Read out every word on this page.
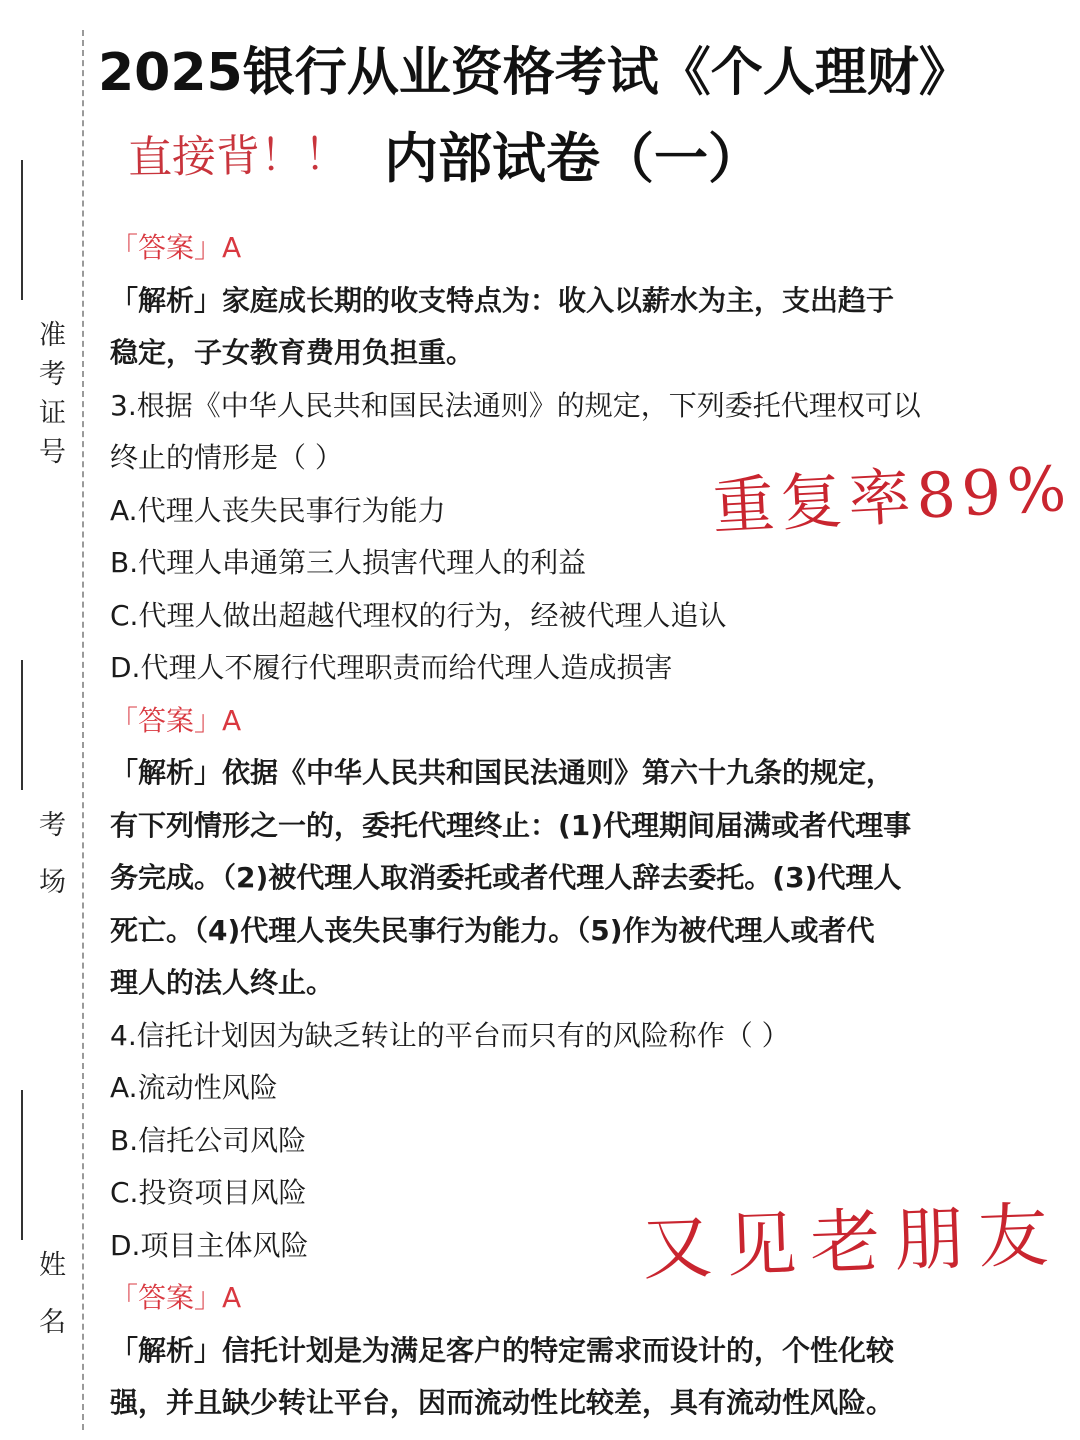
准考证号
考场
姓名
2025银行从业资格考试《个人理财》
直接背！！ 内部试卷（一）
「答案」A
「解析」家庭成长期的收支特点为：收入以薪水为主，支出趋于
稳定，子女教育费用负担重。
3.根据《中华人民共和国民法通则》的规定，下列委托代理权可以
终止的情形是（ ）
A.代理人丧失民事行为能力
B.代理人串通第三人损害代理人的利益
C.代理人做出超越代理权的行为，经被代理人追认
D.代理人不履行代理职责而给代理人造成损害
「答案」A
「解析」依据《中华人民共和国民法通则》第六十九条的规定，
有下列情形之一的，委托代理终止：(1)代理期间届满或者代理事
务完成。（2)被代理人取消委托或者代理人辞去委托。(3)代理人
死亡。（4)代理人丧失民事行为能力。（5)作为被代理人或者代
理人的法人终止。
4.信托计划因为缺乏转让的平台而只有的风险称作（ ）
A.流动性风险
B.信托公司风险
C.投资项目风险
D.项目主体风险
「答案」A
「解析」信托计划是为满足客户的特定需求而设计的，个性化较
强，并且缺少转让平台，因而流动性比较差，具有流动性风险。
重复率89%
又见老朋友
